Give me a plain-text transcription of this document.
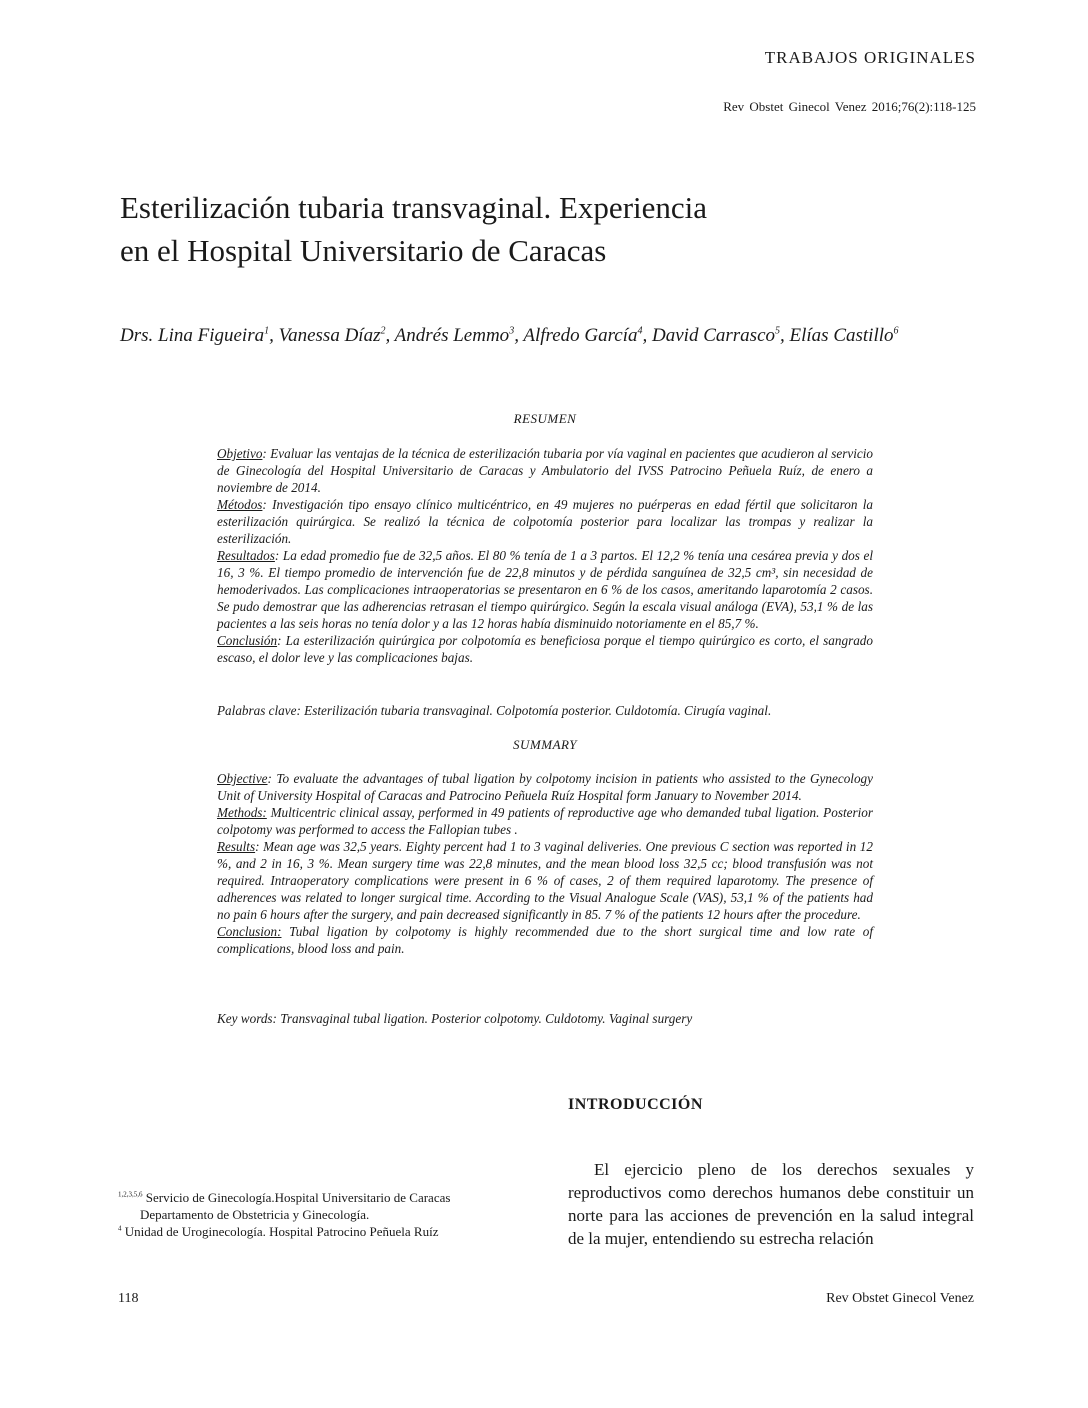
TRABAJOS ORIGINALES
Rev Obstet Ginecol Venez 2016;76(2):118-125
Esterilización tubaria transvaginal. Experiencia
en el Hospital Universitario de Caracas
Drs. Lina Figueira$^1$, Vanessa Díaz$^2$, Andrés Lemmo$^3$, Alfredo García$^4$, David Carrasco$^5$, Elías Castillo$^6$
RESUMEN

Objetivo: Evaluar las ventajas de la técnica de esterilización tubaria por vía vaginal en pacientes que acudieron al servicio de Ginecología del Hospital Universitario de Caracas y Ambulatorio del IVSS Patrocino Peñuela Ruíz, de enero a noviembre de 2014.

Métodos: Investigación tipo ensayo clínico multicéntrico, en 49 mujeres no puérperas en edad fértil que solicitaron la esterilización quirúrgica. Se realizó la técnica de colpotomía posterior para localizar las trompas y realizar la esterilización.

Resultados: La edad promedio fue de 32,5 años. El 80 % tenía de 1 a 3 partos. El 12,2 % tenía una cesárea previa y dos el 16, 3 %. El tiempo promedio de intervención fue de 22,8 minutos y de pérdida sanguínea de 32,5 cm³, sin necesidad de hemoderivados. Las complicaciones intraoperatorias se presentaron en 6 % de los casos, ameritando laparotomía 2 casos. Se pudo demostrar que las adherencias retrasan el tiempo quirúrgico. Según la escala visual análoga (EVA), 53,1 % de las pacientes a las seis horas no tenía dolor y a las 12 horas había disminuido notoriamente en el 85,7 %.

Conclusión: La esterilización quirúrgica por colpotomía es beneficiosa porque el tiempo quirúrgico es corto, el sangrado escaso, el dolor leve y las complicaciones bajas.

Palabras clave: Esterilización tubaria transvaginal. Colpotomía posterior. Culdotomía. Cirugía vaginal.
SUMMARY

Objective: To evaluate the advantages of tubal ligation by colpotomy incision in patients who assisted to the Gynecology Unit of University Hospital of Caracas and Patrocino Peñuela Ruíz Hospital form January to November 2014.

Methods: Multicentric clinical assay, performed in 49 patients of reproductive age who demanded tubal ligation. Posterior colpotomy was performed to access the Fallopian tubes .

Results: Mean age was 32,5 years. Eighty percent had 1 to 3 vaginal deliveries. One previous C section was reported in 12 %, and 2 in 16, 3 %. Mean surgery time was 22,8 minutes, and the mean blood loss 32,5 cc; blood transfusión was not required. Intraoperatory complications were present in 6 % of cases, 2 of them required laparotomy. The presence of adherences was related to longer surgical time. According to the Visual Analogue Scale (VAS), 53,1 % of the patients had no pain 6 hours after the surgery, and pain decreased significantly in 85. 7 % of the patients 12 hours after the procedure.

Conclusion: Tubal ligation by colpotomy is highly recommended due to the short surgical time and low rate of complications, blood loss and pain.

Key words: Transvaginal tubal ligation. Posterior colpotomy. Culdotomy. Vaginal surgery
INTRODUCCIÓN

El ejercicio pleno de los derechos sexuales y reproductivos como derechos humanos debe constituir un norte para las acciones de prevención en la salud integral de la mujer, entendiendo su estrecha relación

$^{1,2,3,5,6}$ Servicio de Ginecología.Hospital Universitario de Caracas
Departamento de Obstetricia y Ginecología.
$^4$ Unidad de Uroginecología. Hospital Patrocino Peñuela Ruíz
118	Rev Obstet Ginecol Venez
